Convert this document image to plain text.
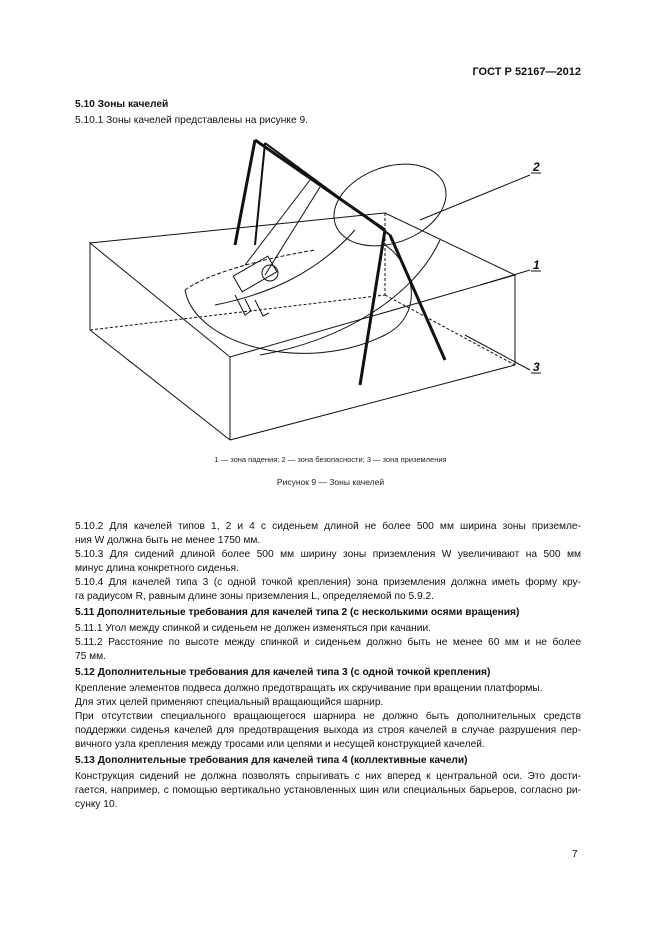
ГОСТ Р 52167—2012
5.10 Зоны качелей
5.10.1 Зоны качелей представлены на рисунке 9.
2
1
3
1 — зона падения; 2 — зона безопасности; 3 — зона приземления
Рисунок 9 — Зоны качелей
5.10.2 Для качелей типов 1, 2 и 4 с сиденьем длиной не более 500 мм ширина зоны приземле-
ния W должна быть не менее 1750 мм.
5.10.3 Для сидений длиной более 500 мм ширину зоны приземления W увеличивают на 500 мм
минус длина конкретного сиденья.
5.10.4 Для качелей типа 3 (с одной точкой крепления) зона приземления должна иметь форму кру-
га радиусом R, равным длине зоны приземления L, определяемой по 5.9.2.
5.11 Дополнительные требования для качелей типа 2 (с несколькими осями вращения)
5.11.1 Угол между спинкой и сиденьем не должен изменяться при качании.
5.11.2 Расстояние по высоте между спинкой и сиденьем должно быть не менее 60 мм и не более
75 мм.
5.12 Дополнительные требования для качелей типа 3 (с одной точкой крепления)
Крепление элементов подвеса должно предотвращать их скручивание при вращении платформы.
Для этих целей применяют специальный вращающийся шарнир.
При отсутствии специального вращающегося шарнира не должно быть дополнительных средств
поддержки сиденья качелей для предотвращения выхода из строя качелей в случае разрушения пер-
вичного узла крепления между тросами или цепями и несущей конструкцией качелей.
5.13 Дополнительные требования для качелей типа 4 (коллективные качели)
Конструкция сидений не должна позволять спрыгивать с них вперед к центральной оси. Это дости-
гается, например, с помощью вертикально установленных шин или специальных барьеров, согласно ри-
сунку 10.
7
